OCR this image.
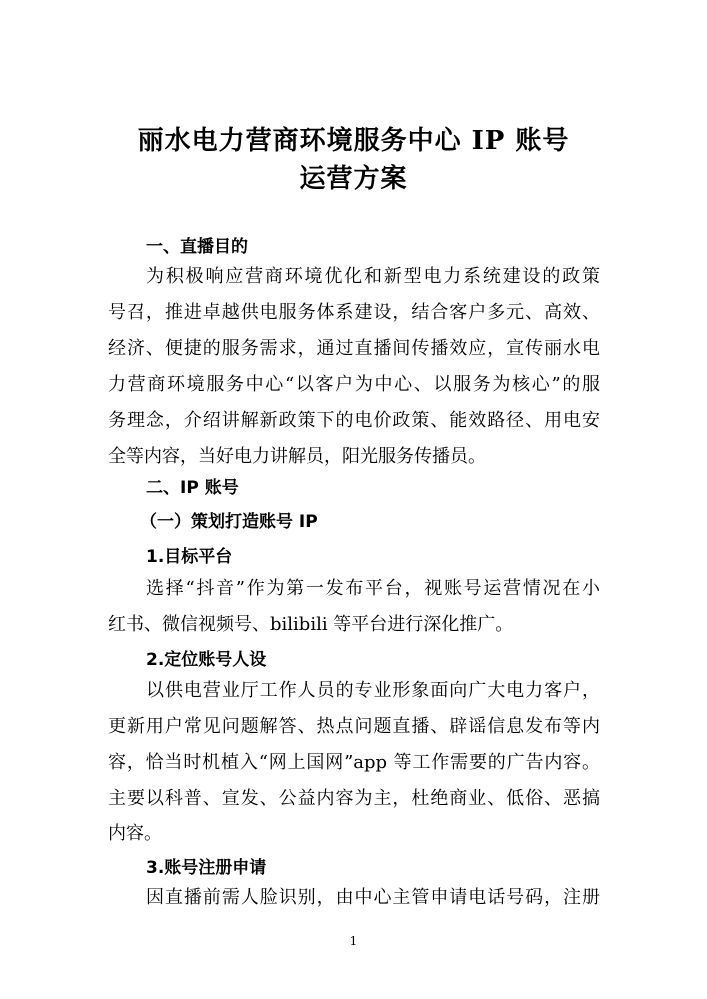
丽水电力营商环境服务中心 IP 账号
运营方案
一、直播目的
为积极响应营商环境优化和新型电力系统建设的政策
号召，推进卓越供电服务体系建设，结合客户多元、高效、
经济、便捷的服务需求，通过直播间传播效应，宣传丽水电
力营商环境服务中心“以客户为中心、以服务为核心”的服
务理念，介绍讲解新政策下的电价政策、能效路径、用电安
全等内容，当好电力讲解员，阳光服务传播员。
二、IP 账号
（一）策划打造账号 IP
1.目标平台
选择“抖音”作为第一发布平台，视账号运营情况在小
红书、微信视频号、bilibili 等平台进行深化推广。
2.定位账号人设
以供电营业厅工作人员的专业形象面向广大电力客户，
更新用户常见问题解答、热点问题直播、辟谣信息发布等内
容，恰当时机植入“网上国网”app 等工作需要的广告内容。
主要以科普、宣发、公益内容为主，杜绝商业、低俗、恶搞
内容。
3.账号注册申请
因直播前需人脸识别，由中心主管申请电话号码，注册
1
